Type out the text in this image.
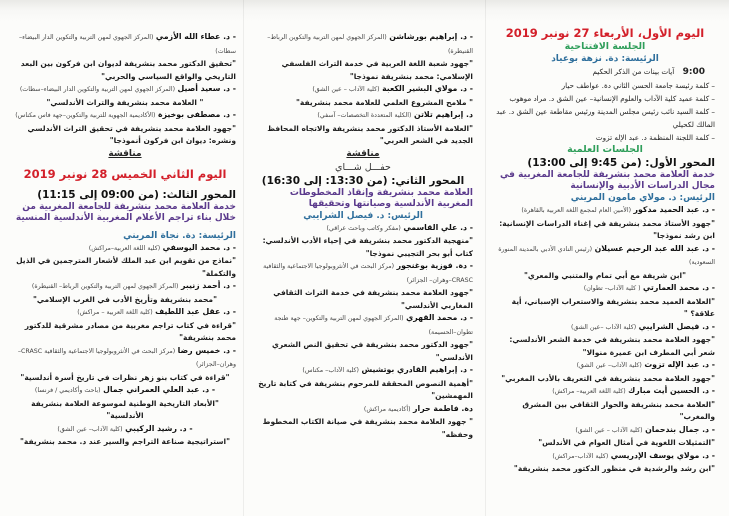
اليوم الأول، الأربعاء 27 نونبر 2019
الجلسة الافتتاحية
الرئيسة: دة. نزهة بوعياد
9:00 آيات بينات من الذكر الحكيم
– كلمة رئيسة جامعة الحسن الثاني دة. عواطف حيار
– كلمة عميد كلية الآداب والعلوم الإنسانية– عين الشق د. مراد موهوب
– كلمة السيد نائب رئيس مجلس المدينة ورئيس مقاطعة عين الشق د. عبد المالك لكحيلي
– كلمة اللجنة المنظمة د. عبد الإله تزوت
الجلسات العلمية
المحور الأول: (من 9:45 إلى 13:00)
خدمة العلامة محمد بنشريفة للجامعة المغربية في مجال الدراسات الأدبية والإنسانية
الرئيس: د. مولاي مامون المريني
- د. عبد الحميد مدكور (الأمين العام لمجمع اللغة العربية بالقاهرة)
"جهود الأستاذ محمد بنشريفة في إغناء الدراسات الإنسانية: ابن رشد نموذجا"
- د. عبد الله عبد الرحيم عسيلان (رئيس النادي الأدبي بالمدينة المنورة السعودية)
"ابن شريفة مع أبي تمام والمتنبي والمعري"
- د. محمد العمارتي ( كلية الآداب– تطوان)
"العلامة العميد محمد بنشريفة والاستعراب الإسباني، أية علاقة؟ "
- د. فيصل الشرايبي (كلية الآداب –عين الشق)
"جهود العلامة محمد بنشريفة في خدمة الشعر الأندلسي: شعر أبي المطرف ابن عميرة منوالا"
- د. عبد الإله تزوت (كلية الآداب– عين الشق)
"جهود العلامة محمد بنشريفة في التعريف بالأدب المغربي"
- د. الحسين أيت مبارك (كلية اللغة العربية– مراكش)
"العلامة محمد بنشريفة والحوار الثقافي بين المشرق والمغرب"
- د. جمال بندحمان (كلية الآداب – عين الشق)
"التمثيلات اللغوية في أمثال العوام في الأندلس"
- د. مولاي يوسف الإدريسي (كلية الآداب–مراكش)
"ابن رشد والرشدية في منظور الدكتور محمد بنشريفة"
- د. إبراهيم بورشاشن (المركز الجهوي لمهن التربية والتكوين الرباط– القنيطرة)
"جهود شعبة اللغة العربية في خدمة التراث الفلسفي الإسلامي: محمد بنشريفة نموذجا"
- د. مولاي البشير الكعبة (كلية الآداب – عين الشق)
" ملامح المشروع العلمي للعلامة محمد بنشريفة"
د. إبراهيم تلاتن (الكلية المتعددة التخصصات– آسفي)
"العلامة الأستاذ الدكتور محمد بنشريفة والاتجاه المحافظ الجديد في الشعر العربي"
مناقشة
حفـــل شـــاي
المحور الثاني: (من 13:30: إلى 16:30)
العلامة محمد بنشريفة وإنقاذ المخطوطات المغربية الأندلسية وصيانتها وتحقيقها
الرئيس: د. فيصل الشرايبي
- د. علي القاسمي (مفكر وكاتب وباحث عراقي)
"منهجية الدكتور محمد بنشريفة في إحياء الأدب الأندلسي: كتاب أبو بحر التجيبي نموذجا"
- دة. فوزية بوغنجور (مركز البحث في الأنثروبولوجيا الاجتماعية والثقافية CRASC–وهران– الجزائر)
"جهود العلامة محمد بنشريفة في خدمة التراث الثقافي المغاربي الأندلسي"
- د. محمد القهري (المركز الجهوي لمهن التربية والتكوين– جهة طنجة تطوان–الحسيمة)
"جهود الدكتور محمد بنشريفة في تحقيق النص الشعري الأندلسي"
- د. إبراهيم القادري بوتشيش (كلية الآداب– مكناس)
"أهمية النصوص المحققة للمرحوم بنشريفة في كتابة تاريخ المهمشين"
دة. فاطمة حرار (أكاديمية مراكش)
" جهود العلامة محمد بنشريفة في صيانة الكتاب المخطوط وحفظه"
- د. عطاء الله الأزمي (المركز الجهوي لمهن التربية والتكوين الدار البيضاء– سطات)
"تحقيق الدكتور محمد بنشريفة لديوان ابن فركون بين البعد التاريخي والواقع السياسي والحربي"
- د. سعيد أصيل (المركز الجهوي لمهن التربية والتكوين الدار البيضاء–سطات)
" العلامة محمد بنشريفة والتراث الأندلسي"
- د. مصطفى بوخيزة (الأكاديمية الجهوية للتربية والتكوين–جهة فاس مكناس)
"جهود العلامة محمد بنشريفة في تحقيق التراث الأندلسي ونشره: ديوان ابن فركون أنموذجا"
مناقشة
اليوم الثاني الخميس 28 نونبر 2019
المحور الثالث: (من 09:00 إلى 11:15)
خدمة العلامة محمد بنشريفة للجامعة المغربية من خلال بناء تراجم الأعلام المغربية الأندلسية المنسية
الرئيسة: دة. نجاة المريني
- د. محمد اليوسفي (كلية اللغة العربية–مراكش)
"نماذج من تقويم ابن عبد الملك لأشعار المترجمين في الذيل والتكملة"
- د. أحمد زنيبر (المركز الجهوي لمهن التربية والتكوين الرباط– القنيطرة)
"محمد بنشريفة وتأريخ الأدب في الغرب الإسلامي"
- د. عقل عبد اللطيف (كلية اللغة العربية – مراكش)
"قراءة في كتاب تراجم مغربية من مصادر مشرقية للدكتور محمد بنشريفة"
- د. خميس رضا (مركز البحث في الأنثروبولوجيا الاجتماعية والثقافية CRASC–وهران–الجزائر)
"قراءة في كتاب بنو زهر نظرات في تاريخ أسرة أندلسية"
- د. عبد العلي العمراني جمال (باحث وأكاديمي / فرنسا)
"الأبعاد التاريخية الوطنية لموسوعة العلامة بنشريفة الأندلسية"
- د. رشيد الركيبي (كلية الآداب– عين الشق)
"استراتيجية صناعة التراجم والسير عند د. محمد بنشريفة"
